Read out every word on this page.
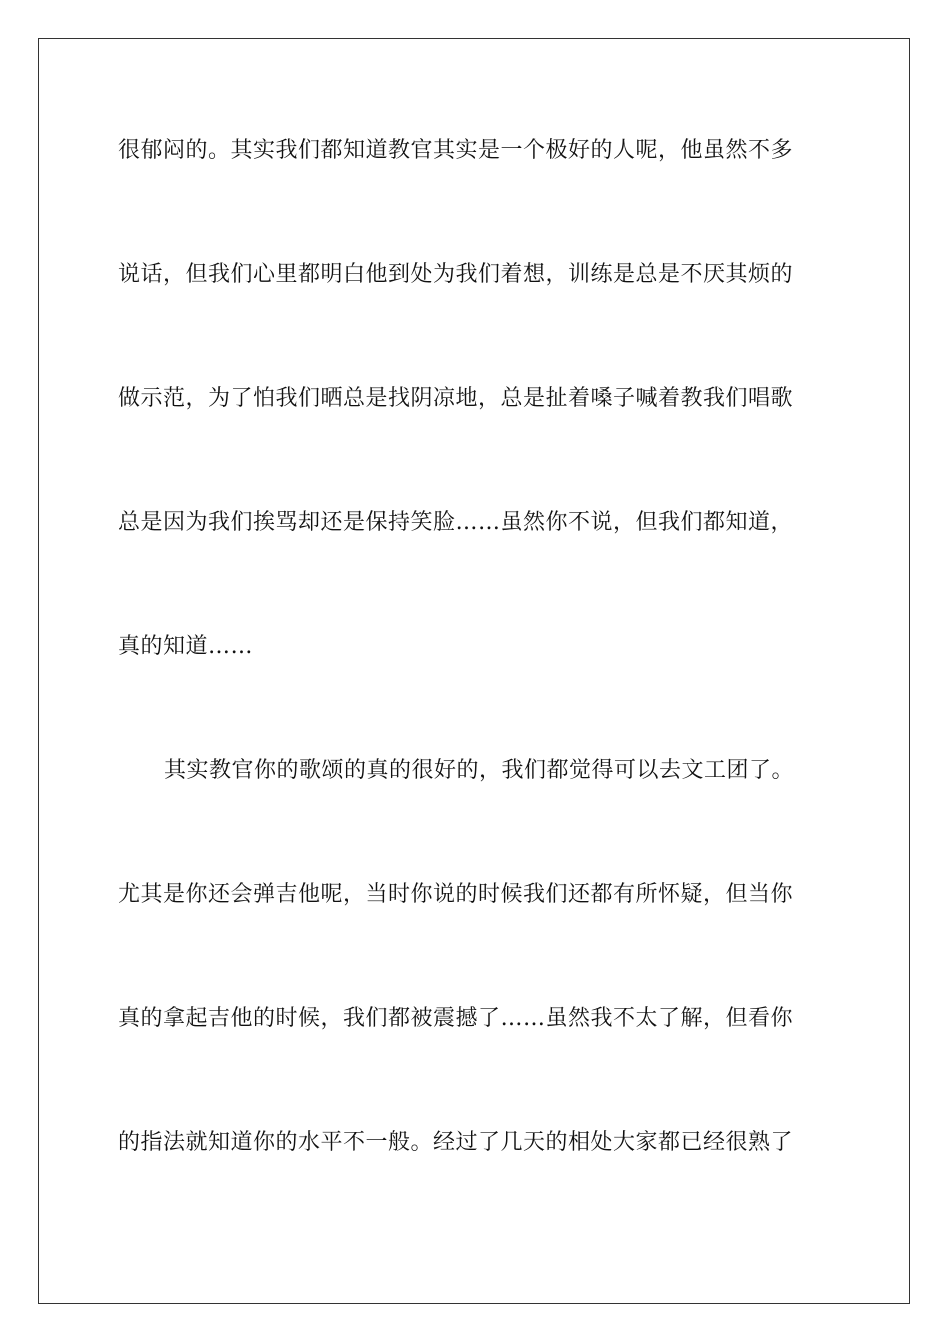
很郁闷的。其实我们都知道教官其实是一个极好的人呢，他虽然不多
说话，但我们心里都明白他到处为我们着想，训练是总是不厌其烦的
做示范，为了怕我们晒总是找阴凉地，总是扯着嗓子喊着教我们唱歌
总是因为我们挨骂却还是保持笑脸……虽然你不说，但我们都知道，
真的知道……
其实教官你的歌颂的真的很好的，我们都觉得可以去文工团了。
尤其是你还会弹吉他呢，当时你说的时候我们还都有所怀疑，但当你
真的拿起吉他的时候，我们都被震撼了……虽然我不太了解，但看你
的指法就知道你的水平不一般。经过了几天的相处大家都已经很熟了
